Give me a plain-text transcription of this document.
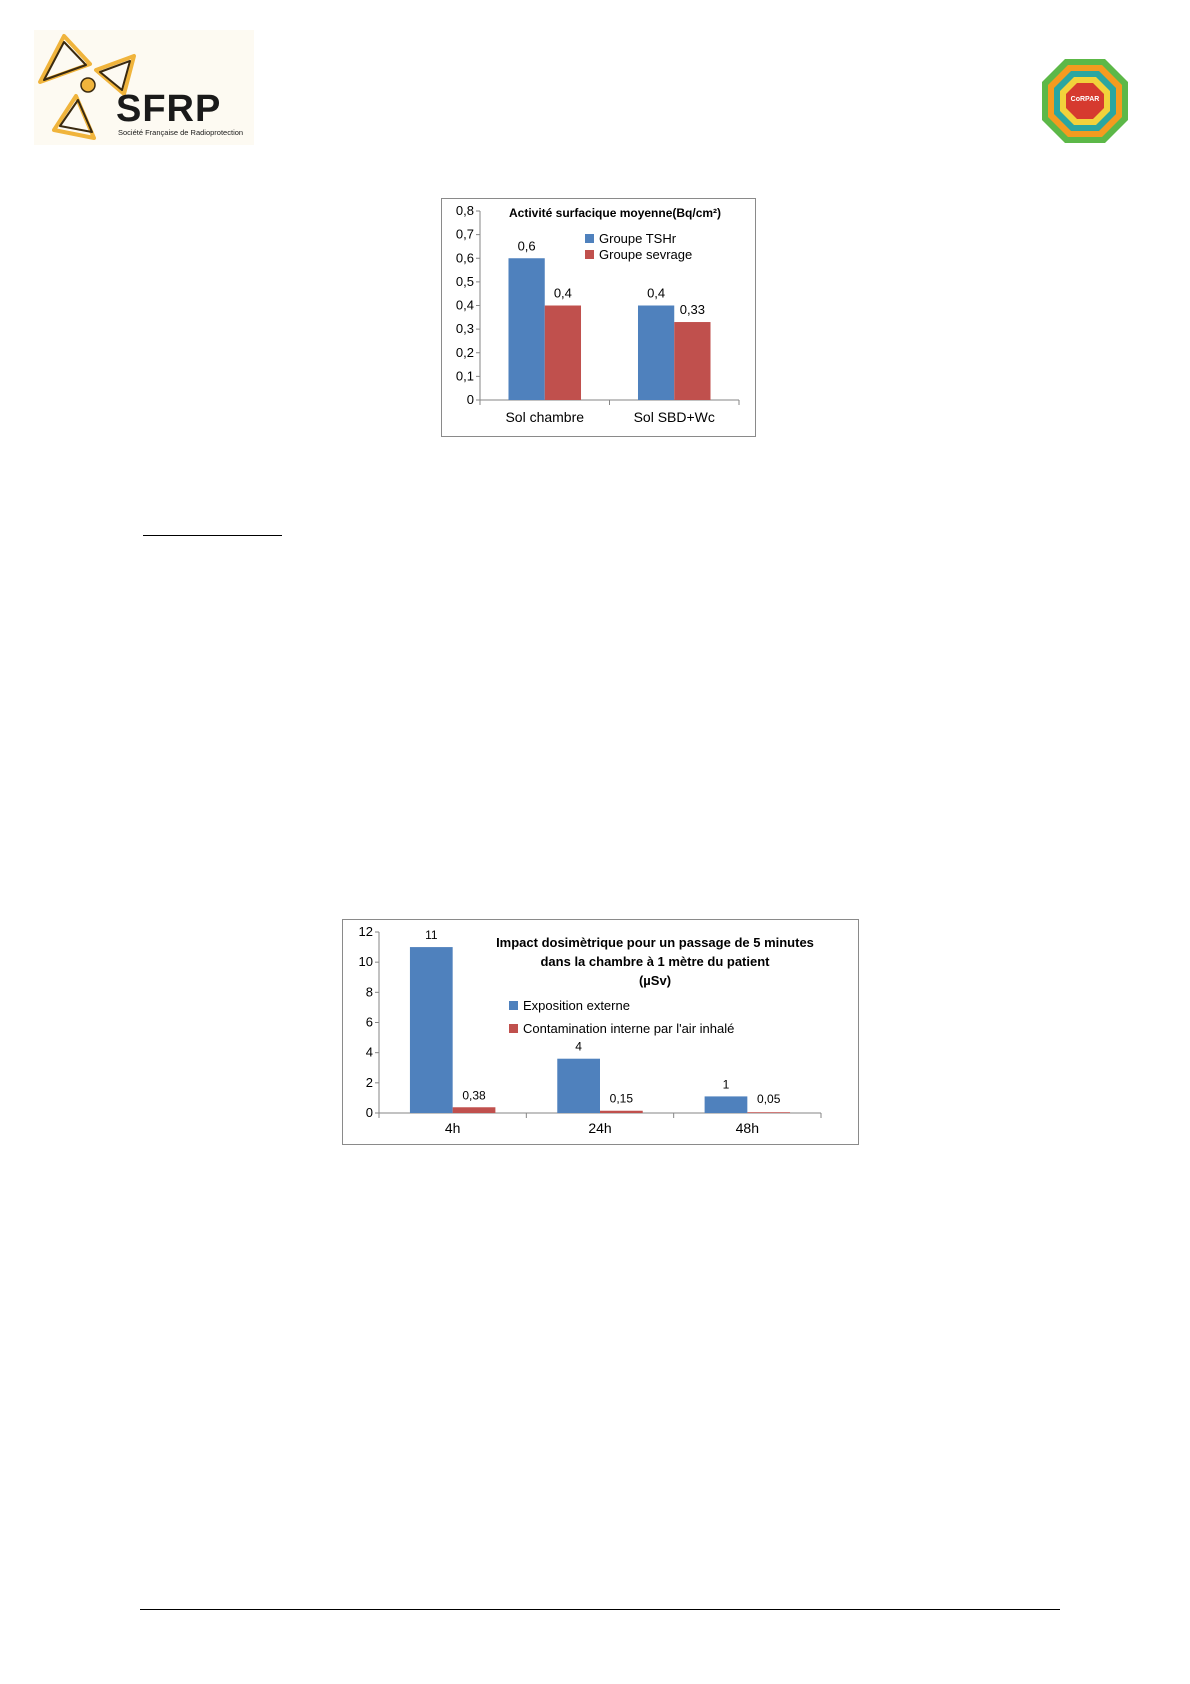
SFRP
Société Française de Radioprotection
CoRPAR
0
0,1
0,2
0,3
0,4
0,5
0,6
0,7
0,8
Sol chambre
0,6
0,4
Sol SBD+Wc
0,4
0,33
Activité surfacique moyenne(Bq/cm²)
Groupe TSHr
Groupe sevrage
0
2
4
6
8
10
12
4h
11
0,38
24h
4
0,15
48h
1
0,05
Impact dosimètrique pour un passage de 5 minutes
dans la chambre à 1 mètre du patient
(µSv)
Exposition externe
Contamination interne par l'air inhalé
